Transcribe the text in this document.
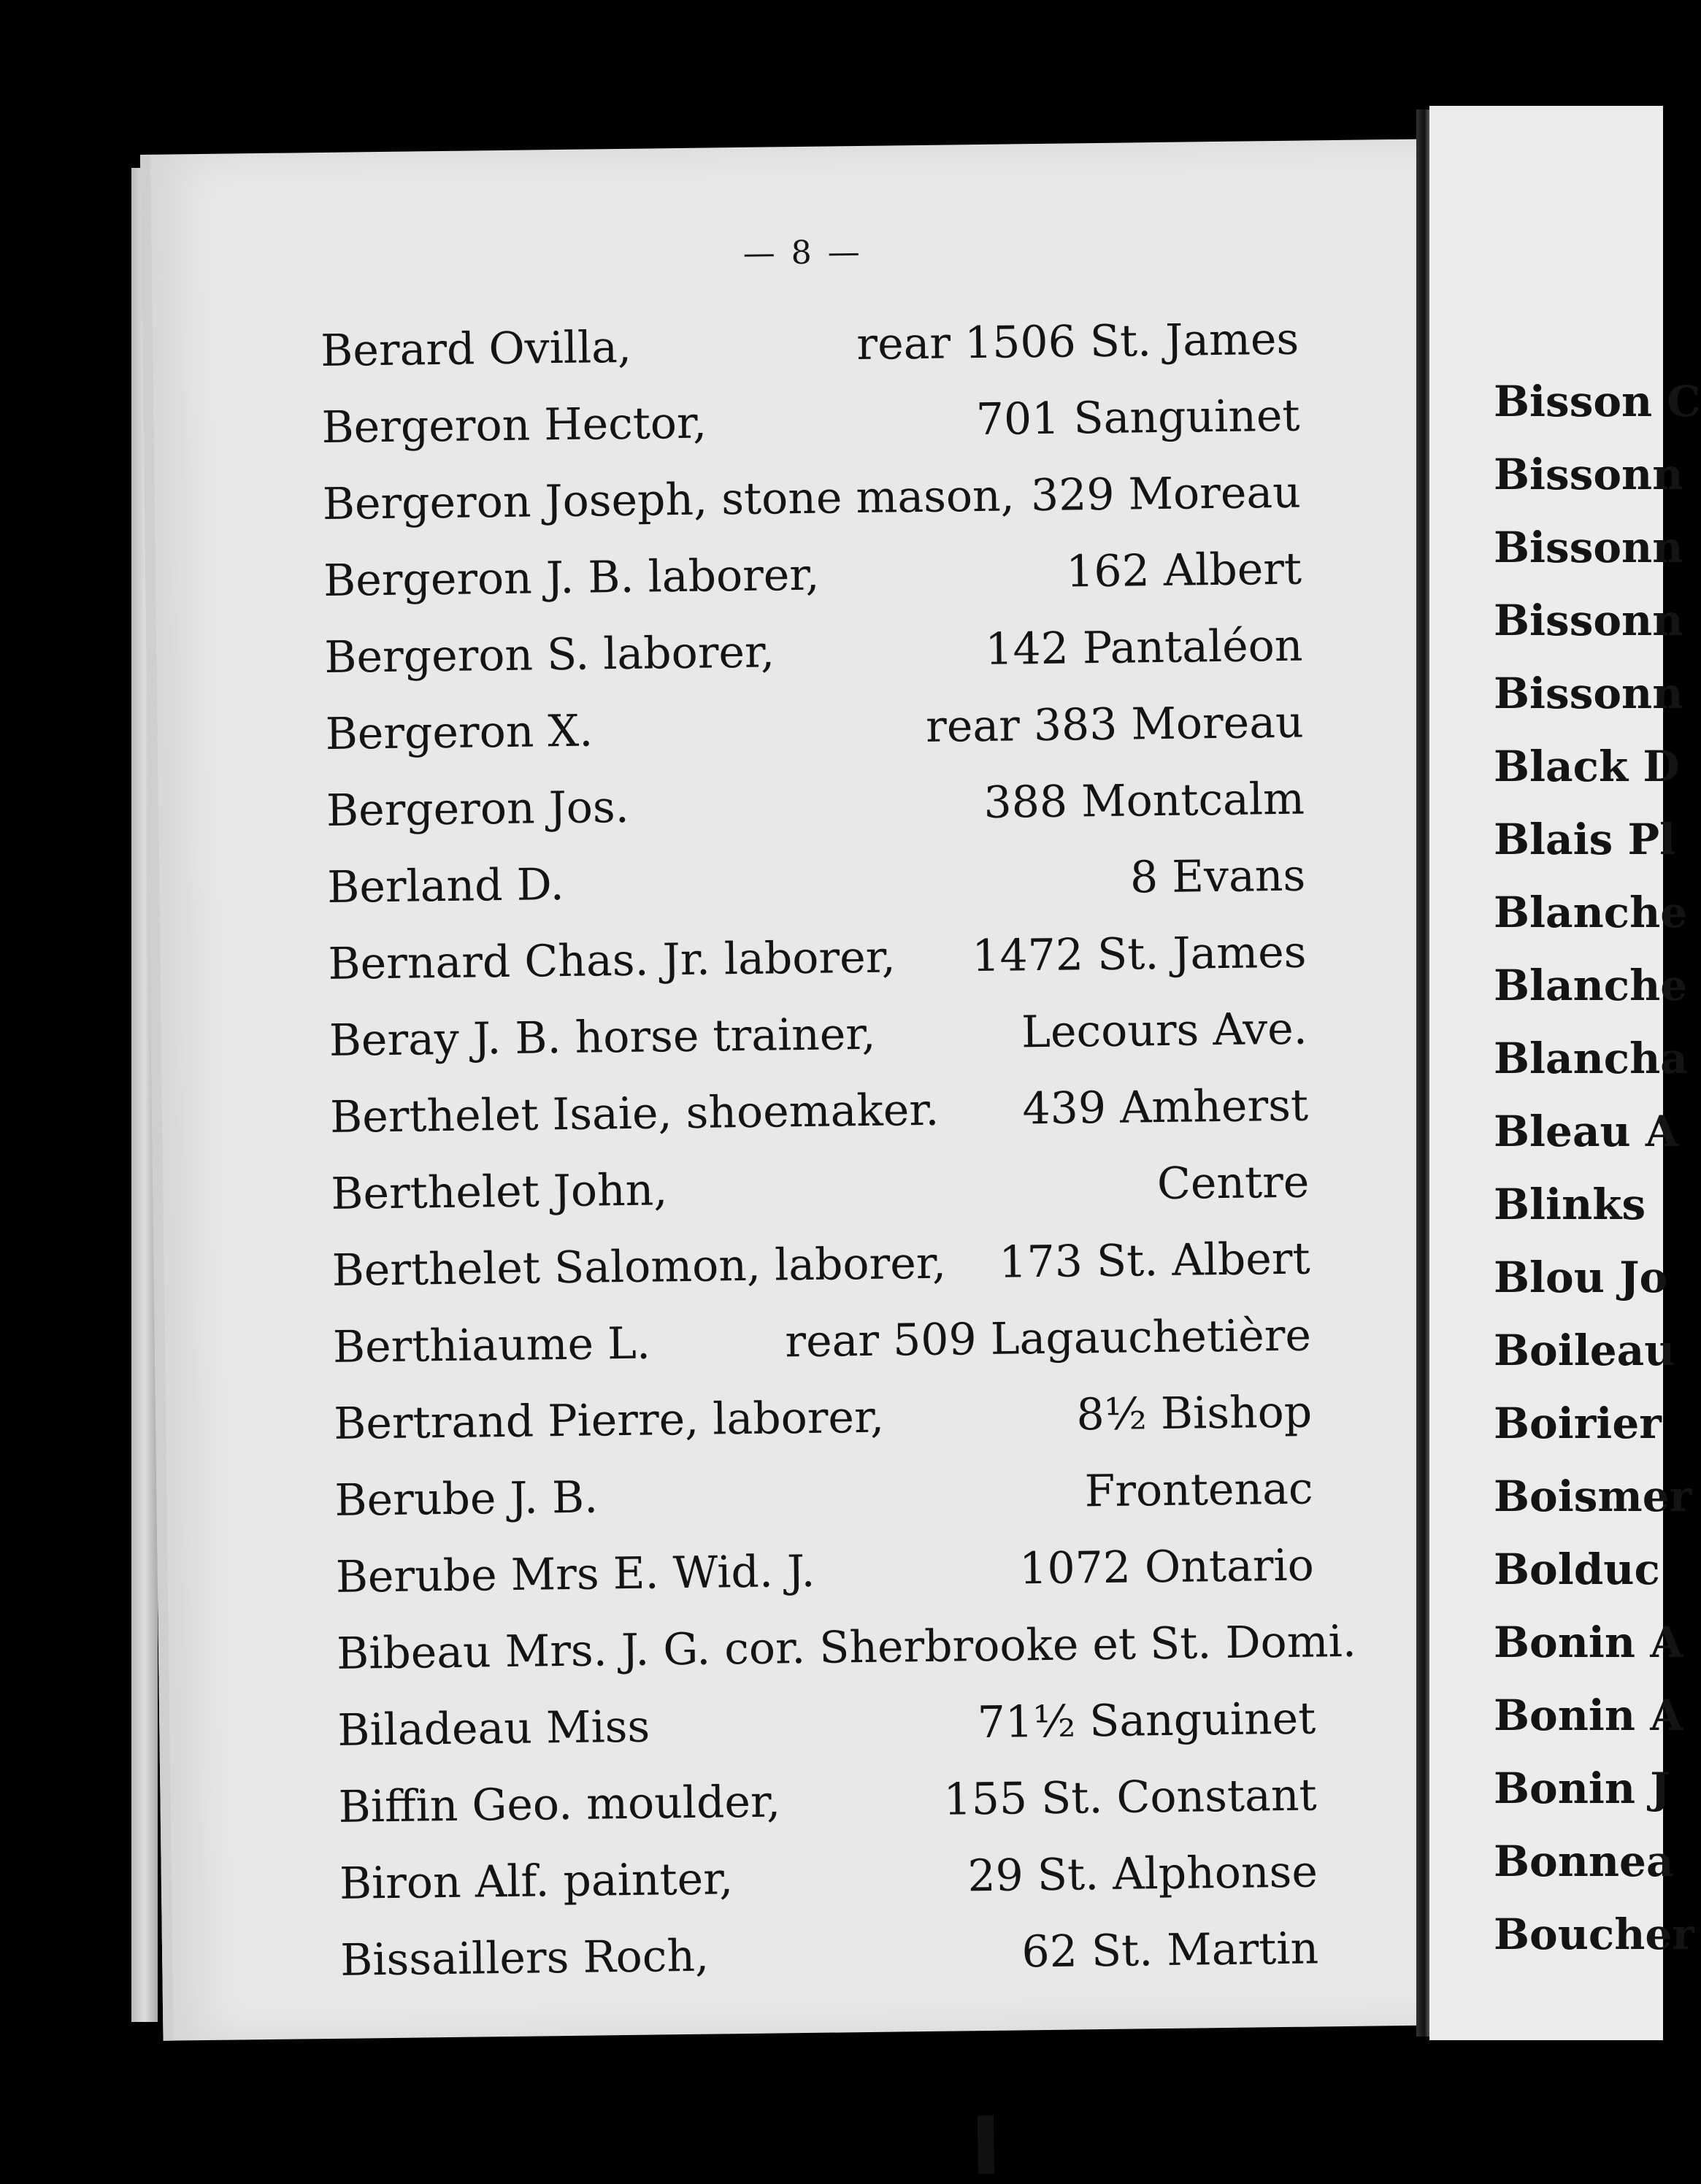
— 8 —
Berard Ovilla,	rear 1506 St. James
Bergeron Hector,	701 Sanguinet
Bergeron Joseph, stone mason, 329 Moreau
Bergeron J. B. laborer,	162 Albert
Bergeron S. laborer,	142 Pantaléon
Bergeron X.	rear 383 Moreau
Bergeron Jos.	388 Montcalm
Berland D.	8 Evans
Bernard Chas. Jr. laborer, 1472 St. James
Beray J. B. horse trainer,	Lecours Ave.
Berthelet Isaie, shoemaker. 439 Amherst
Berthelet John,	Centre
Berthelet Salomon, laborer, 173 St. Albert
Berthiaume L.	rear 509 Lagauchetière
Bertrand Pierre, laborer,	8½ Bishop
Berube J. B.	Frontenac
Berube Mrs E. Wid. J.	1072 Ontario
Bibeau Mrs. J. G. cor. Sherbrooke et St. Domi.
Biladeau Miss	71½ Sanguinet
Biffin Geo. moulder,	155 St. Constant
Biron Alf. painter,	29 St. Alphonse
Bissaillers Roch,	62 St. Martin
Bisson C
Bissonn
Bissonn
Bissonn
Bissonn
Black D
Blais Pl
Blanche
Blanche
Blancha
Bleau A
Blinks
Blou Jo
Boileau
Boirier
Boismer
Bolduc
Bonin A
Bonin A
Bonin J
Bonnea
Boucher
